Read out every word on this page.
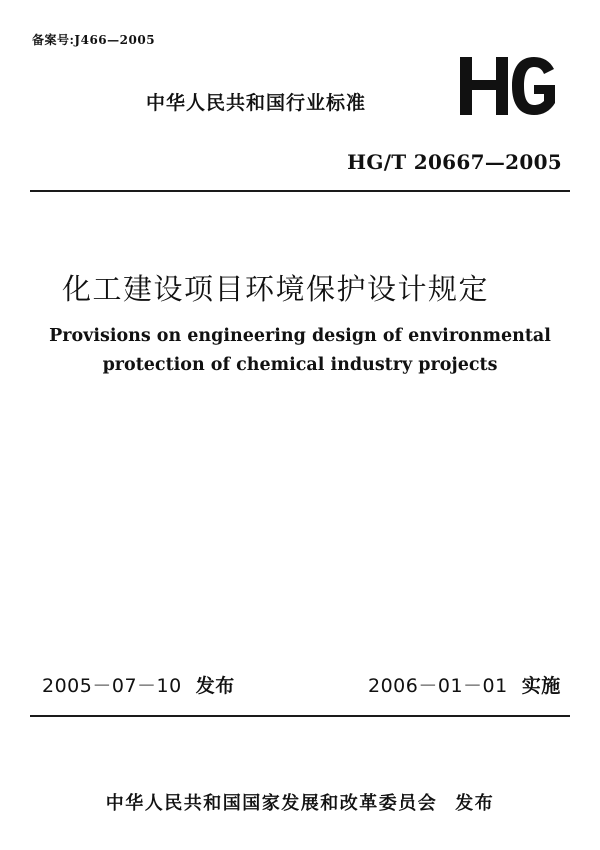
备案号:J466—2005
中华人民共和国行业标准
HG/T 20667—2005
化工建设项目环境保护设计规定
Provisions on engineering design of environmental
protection of chemical industry projects
2005－07－10 发布	2006－01－01 实施
中华人民共和国国家发展和改革委员会 发布
